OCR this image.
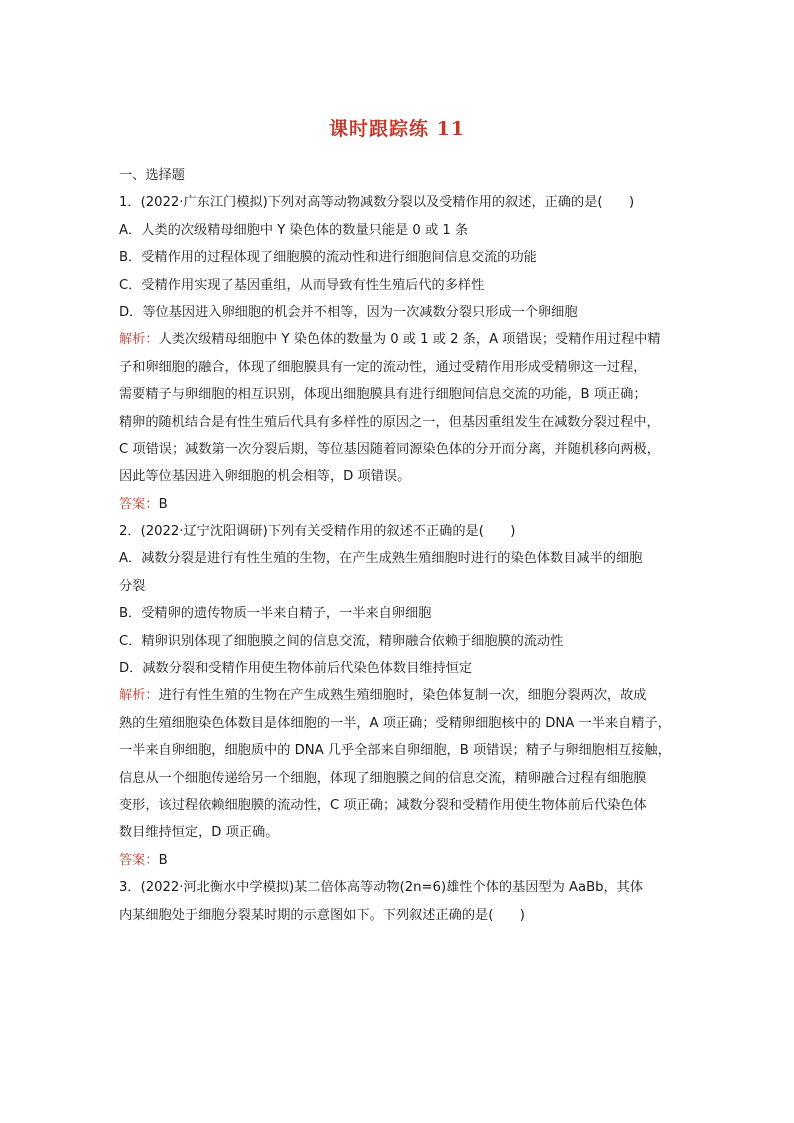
课时跟踪练 11
一、选择题
1．(2022·广东江门模拟)下列对高等动物减数分裂以及受精作用的叙述，正确的是(　　)
A．人类的次级精母细胞中 Y 染色体的数量只能是 0 或 1 条
B．受精作用的过程体现了细胞膜的流动性和进行细胞间信息交流的功能
C．受精作用实现了基因重组，从而导致有性生殖后代的多样性
D．等位基因进入卵细胞的机会并不相等，因为一次减数分裂只形成一个卵细胞
解析：人类次级精母细胞中 Y 染色体的数量为 0 或 1 或 2 条，A 项错误；受精作用过程中精
子和卵细胞的融合，体现了细胞膜具有一定的流动性，通过受精作用形成受精卵这一过程，
需要精子与卵细胞的相互识别，体现出细胞膜具有进行细胞间信息交流的功能，B 项正确；
精卵的随机结合是有性生殖后代具有多样性的原因之一，但基因重组发生在减数分裂过程中，
C 项错误；减数第一次分裂后期，等位基因随着同源染色体的分开而分离，并随机移向两极，
因此等位基因进入卵细胞的机会相等，D 项错误。
答案：B
2．(2022·辽宁沈阳调研)下列有关受精作用的叙述不正确的是(　　)
A．减数分裂是进行有性生殖的生物，在产生成熟生殖细胞时进行的染色体数目减半的细胞
分裂
B．受精卵的遗传物质一半来自精子，一半来自卵细胞
C．精卵识别体现了细胞膜之间的信息交流，精卵融合依赖于细胞膜的流动性
D．减数分裂和受精作用使生物体前后代染色体数目维持恒定
解析：进行有性生殖的生物在产生成熟生殖细胞时，染色体复制一次，细胞分裂两次，故成
熟的生殖细胞染色体数目是体细胞的一半，A 项正确；受精卵细胞核中的 DNA 一半来自精子，
一半来自卵细胞，细胞质中的 DNA 几乎全部来自卵细胞，B 项错误；精子与卵细胞相互接触，
信息从一个细胞传递给另一个细胞，体现了细胞膜之间的信息交流，精卵融合过程有细胞膜
变形，该过程依赖细胞膜的流动性，C 项正确；减数分裂和受精作用使生物体前后代染色体
数目维持恒定，D 项正确。
答案：B
3．(2022·河北衡水中学模拟)某二倍体高等动物(2n=6)雄性个体的基因型为 AaBb，其体
内某细胞处于细胞分裂某时期的示意图如下。下列叙述正确的是(　　)
